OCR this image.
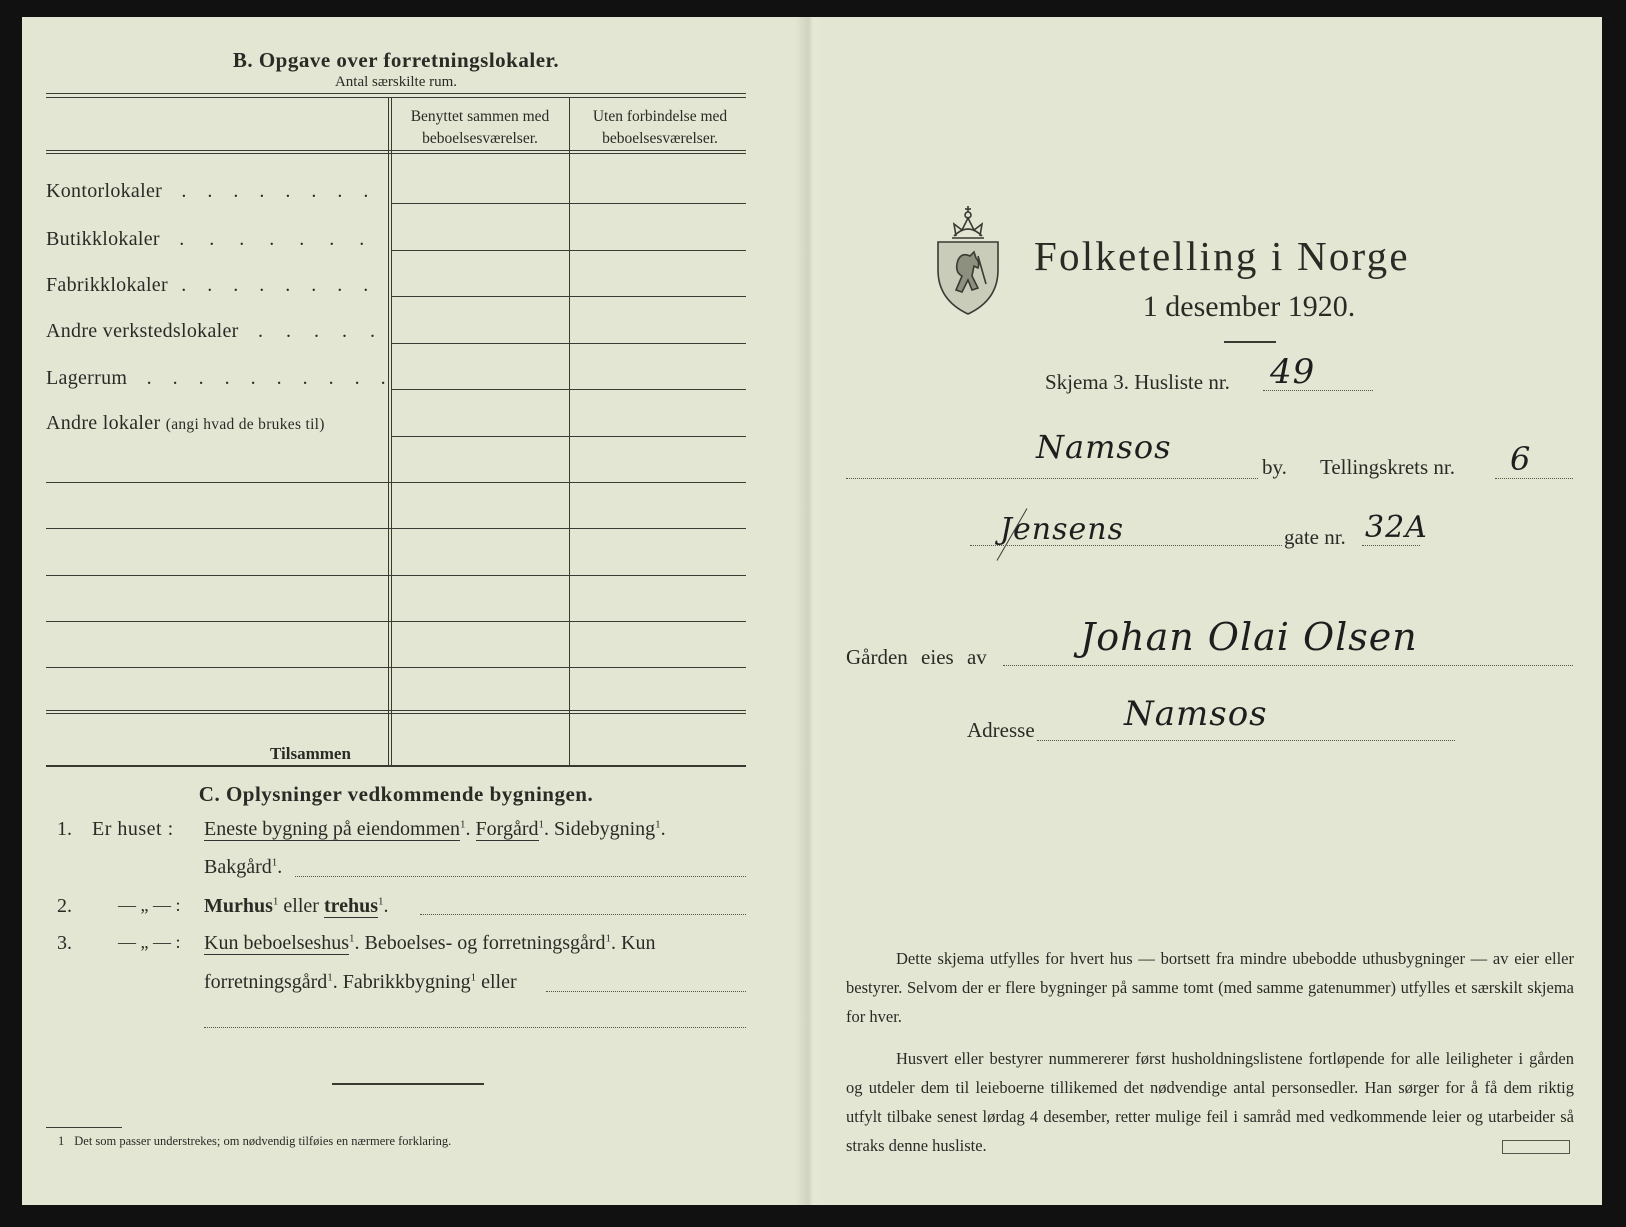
B. Opgave over forretningslokaler.
Antal særskilte rum.
Benyttet sammen med beboelsesværelser.
Uten forbindelse med beboelsesværelser.
Kontorlokaler . . . . . . . .
Butikklokaler . . . . . . .
Fabrikklokaler . . . . . . . .
Andre verkstedslokaler . . . . .
Lagerrum . . . . . . . . . .
Andre lokaler (angi hvad de brukes til)
Tilsammen
C. Oplysninger vedkommende bygningen.
1. Er huset : Eneste bygning på eiendommen$^1$. Forgård$^1$. Sidebygning$^1$.
Bakgård$^1$.
2.	— „ — : Murhus$^1$ eller trehus$^1$.
3.	— „ — : Kun beboelseshus$^1$. Beboelses- og forretningsgård$^1$. Kun
forretningsgård$^1$. Fabrikkbygning$^1$ eller
1 Det som passer understrekes; om nødvendig tilføies en nærmere forklaring.
Folketelling i Norge
1 desember 1920.
Skjema 3. Husliste nr. 49
Namsos
by. Tellingskrets nr. 6
Jensens	gate nr. 32A
Gården eies av Johan Olai Olsen
Adresse	Namsos
Dette skjema utfylles for hvert hus — bortsett fra mindre ubebodde uthusbygninger — av eier eller bestyrer. Selvom der er flere bygninger på samme tomt (med samme gatenummer) utfylles et særskilt skjema for hver.
Husvert eller bestyrer nummererer først husholdningslistene fortløpende for alle leiligheter i gården og utdeler dem til leieboerne tillikemed det nødvendige antal personsedler. Han sørger for å få dem riktig utfylt tilbake senest lørdag 4 desember, retter mulige feil i samråd med vedkommende leier og utarbeider så straks denne husliste.
